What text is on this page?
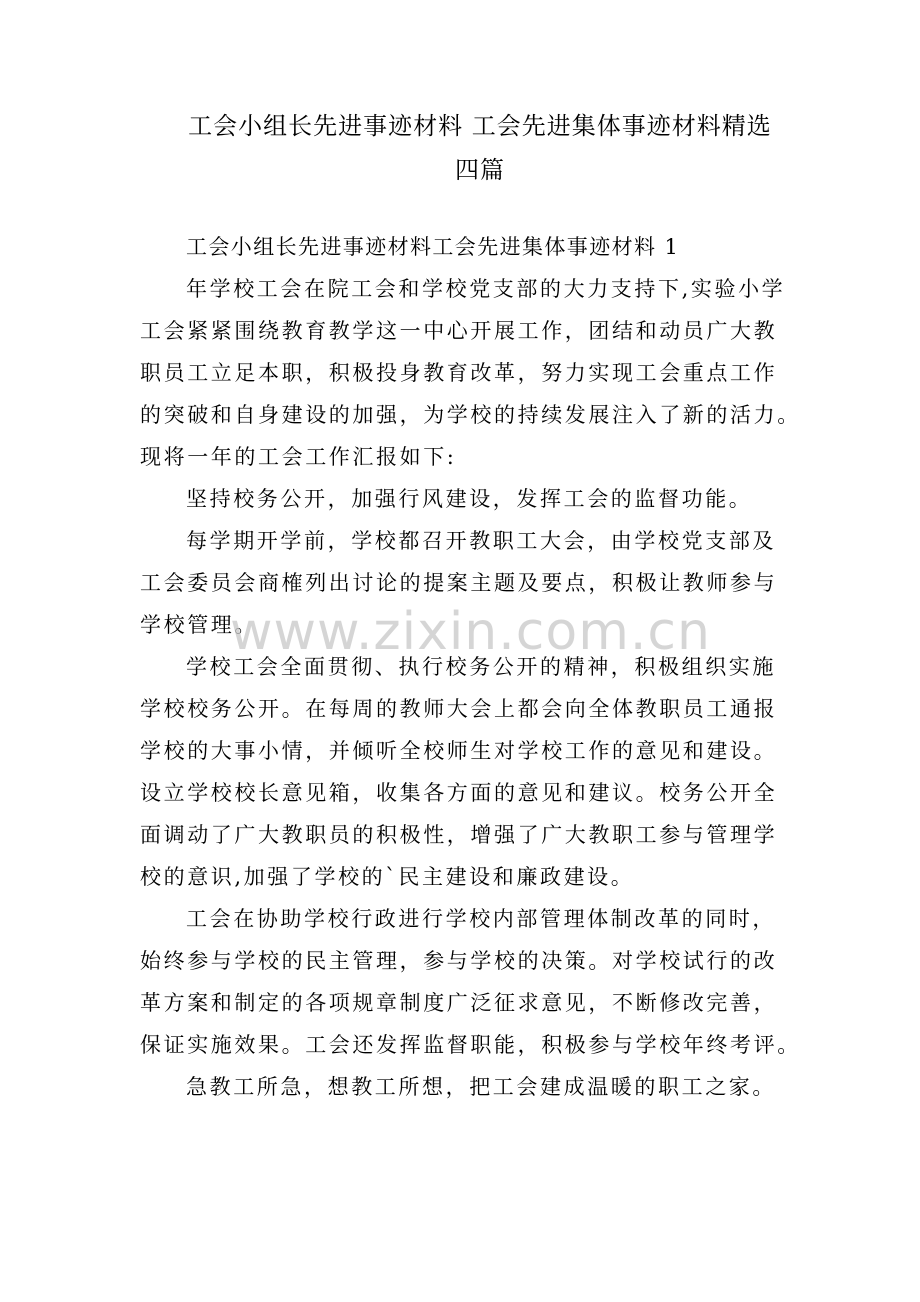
工会小组长先进事迹材料 工会先进集体事迹材料精选
四篇
工会小组长先进事迹材料工会先进集体事迹材料 1
年学校工会在院工会和学校党支部的大力支持下,实验小学
工会紧紧围绕教育教学这一中心开展工作，团结和动员广大教
职员工立足本职，积极投身教育改革，努力实现工会重点工作
的突破和自身建设的加强，为学校的持续发展注入了新的活力。
现将一年的工会工作汇报如下:
坚持校务公开，加强行风建设，发挥工会的监督功能。
每学期开学前，学校都召开教职工大会，由学校党支部及
工会委员会商榷列出讨论的提案主题及要点，积极让教师参与
学校管理。
学校工会全面贯彻、执行校务公开的精神，积极组织实施
学校校务公开。在每周的教师大会上都会向全体教职员工通报
学校的大事小情，并倾听全校师生对学校工作的意见和建设。
设立学校校长意见箱，收集各方面的意见和建议。校务公开全
面调动了广大教职员的积极性，增强了广大教职工参与管理学
校的意识,加强了学校的`民主建设和廉政建设。
工会在协助学校行政进行学校内部管理体制改革的同时，
始终参与学校的民主管理，参与学校的决策。对学校试行的改
革方案和制定的各项规章制度广泛征求意见，不断修改完善，
保证实施效果。工会还发挥监督职能，积极参与学校年终考评。
急教工所急，想教工所想，把工会建成温暖的职工之家。
www.zixin.com.cn
